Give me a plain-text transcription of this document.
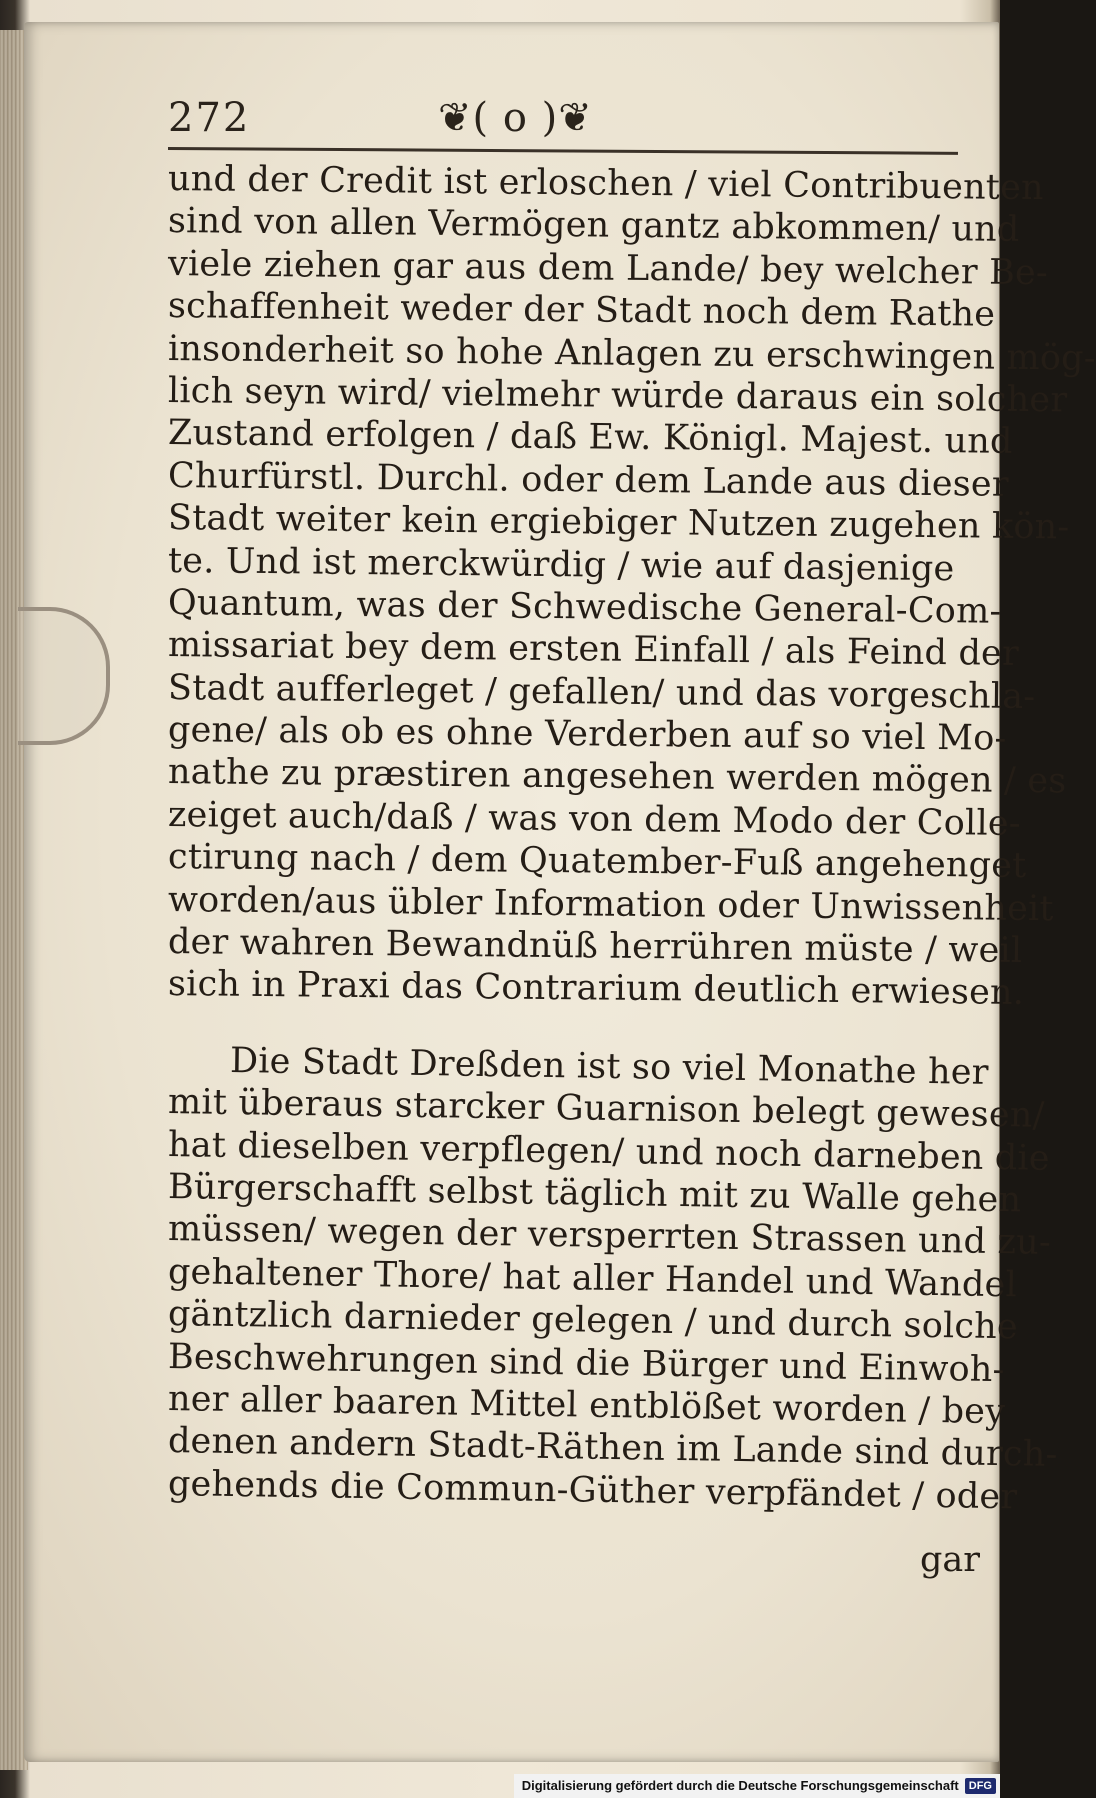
272	❦( o )❦
und der Credit ist erloschen / viel Contribuenten
sind von allen Vermögen gantz abkommen/ und
viele ziehen gar aus dem Lande/ bey welcher Be-
schaffenheit weder der Stadt noch dem Rathe
insonderheit so hohe Anlagen zu erschwingen mög-
lich seyn wird/ vielmehr würde daraus ein solcher
Zustand erfolgen / daß Ew. Königl. Majest. und
Churfürstl. Durchl. oder dem Lande aus dieser
Stadt weiter kein ergiebiger Nutzen zugehen kön-
te. Und ist merckwürdig / wie auf dasjenige
Quantum, was der Schwedische General-Com-
missariat bey dem ersten Einfall / als Feind der
Stadt aufferleget / gefallen/ und das vorgeschla-
gene/ als ob es ohne Verderben auf so viel Mo-
nathe zu præstiren angesehen werden mögen / es
zeiget auch/daß / was von dem Modo der Colle-
ctirung nach / dem Quatember-Fuß angehenget
worden/aus übler Information oder Unwissenheit
der wahren Bewandnüß herrühren müste / weil
sich in Praxi das Contrarium deutlich erwiesen.
Die Stadt Dreßden ist so viel Monathe her
mit überaus starcker Guarnison belegt gewesen/
hat dieselben verpflegen/ und noch darneben die
Bürgerschafft selbst täglich mit zu Walle gehen
müssen/ wegen der versperrten Strassen und zu-
gehaltener Thore/ hat aller Handel und Wandel
gäntzlich darnieder gelegen / und durch solche
Beschwehrungen sind die Bürger und Einwoh-
ner aller baaren Mittel entblößet worden / bey
denen andern Stadt-Räthen im Lande sind durch-
gehends die Commun-Güther verpfändet / oder
gar
Digitalisierung gefördert durch die Deutsche Forschungsgemeinschaft DFG
